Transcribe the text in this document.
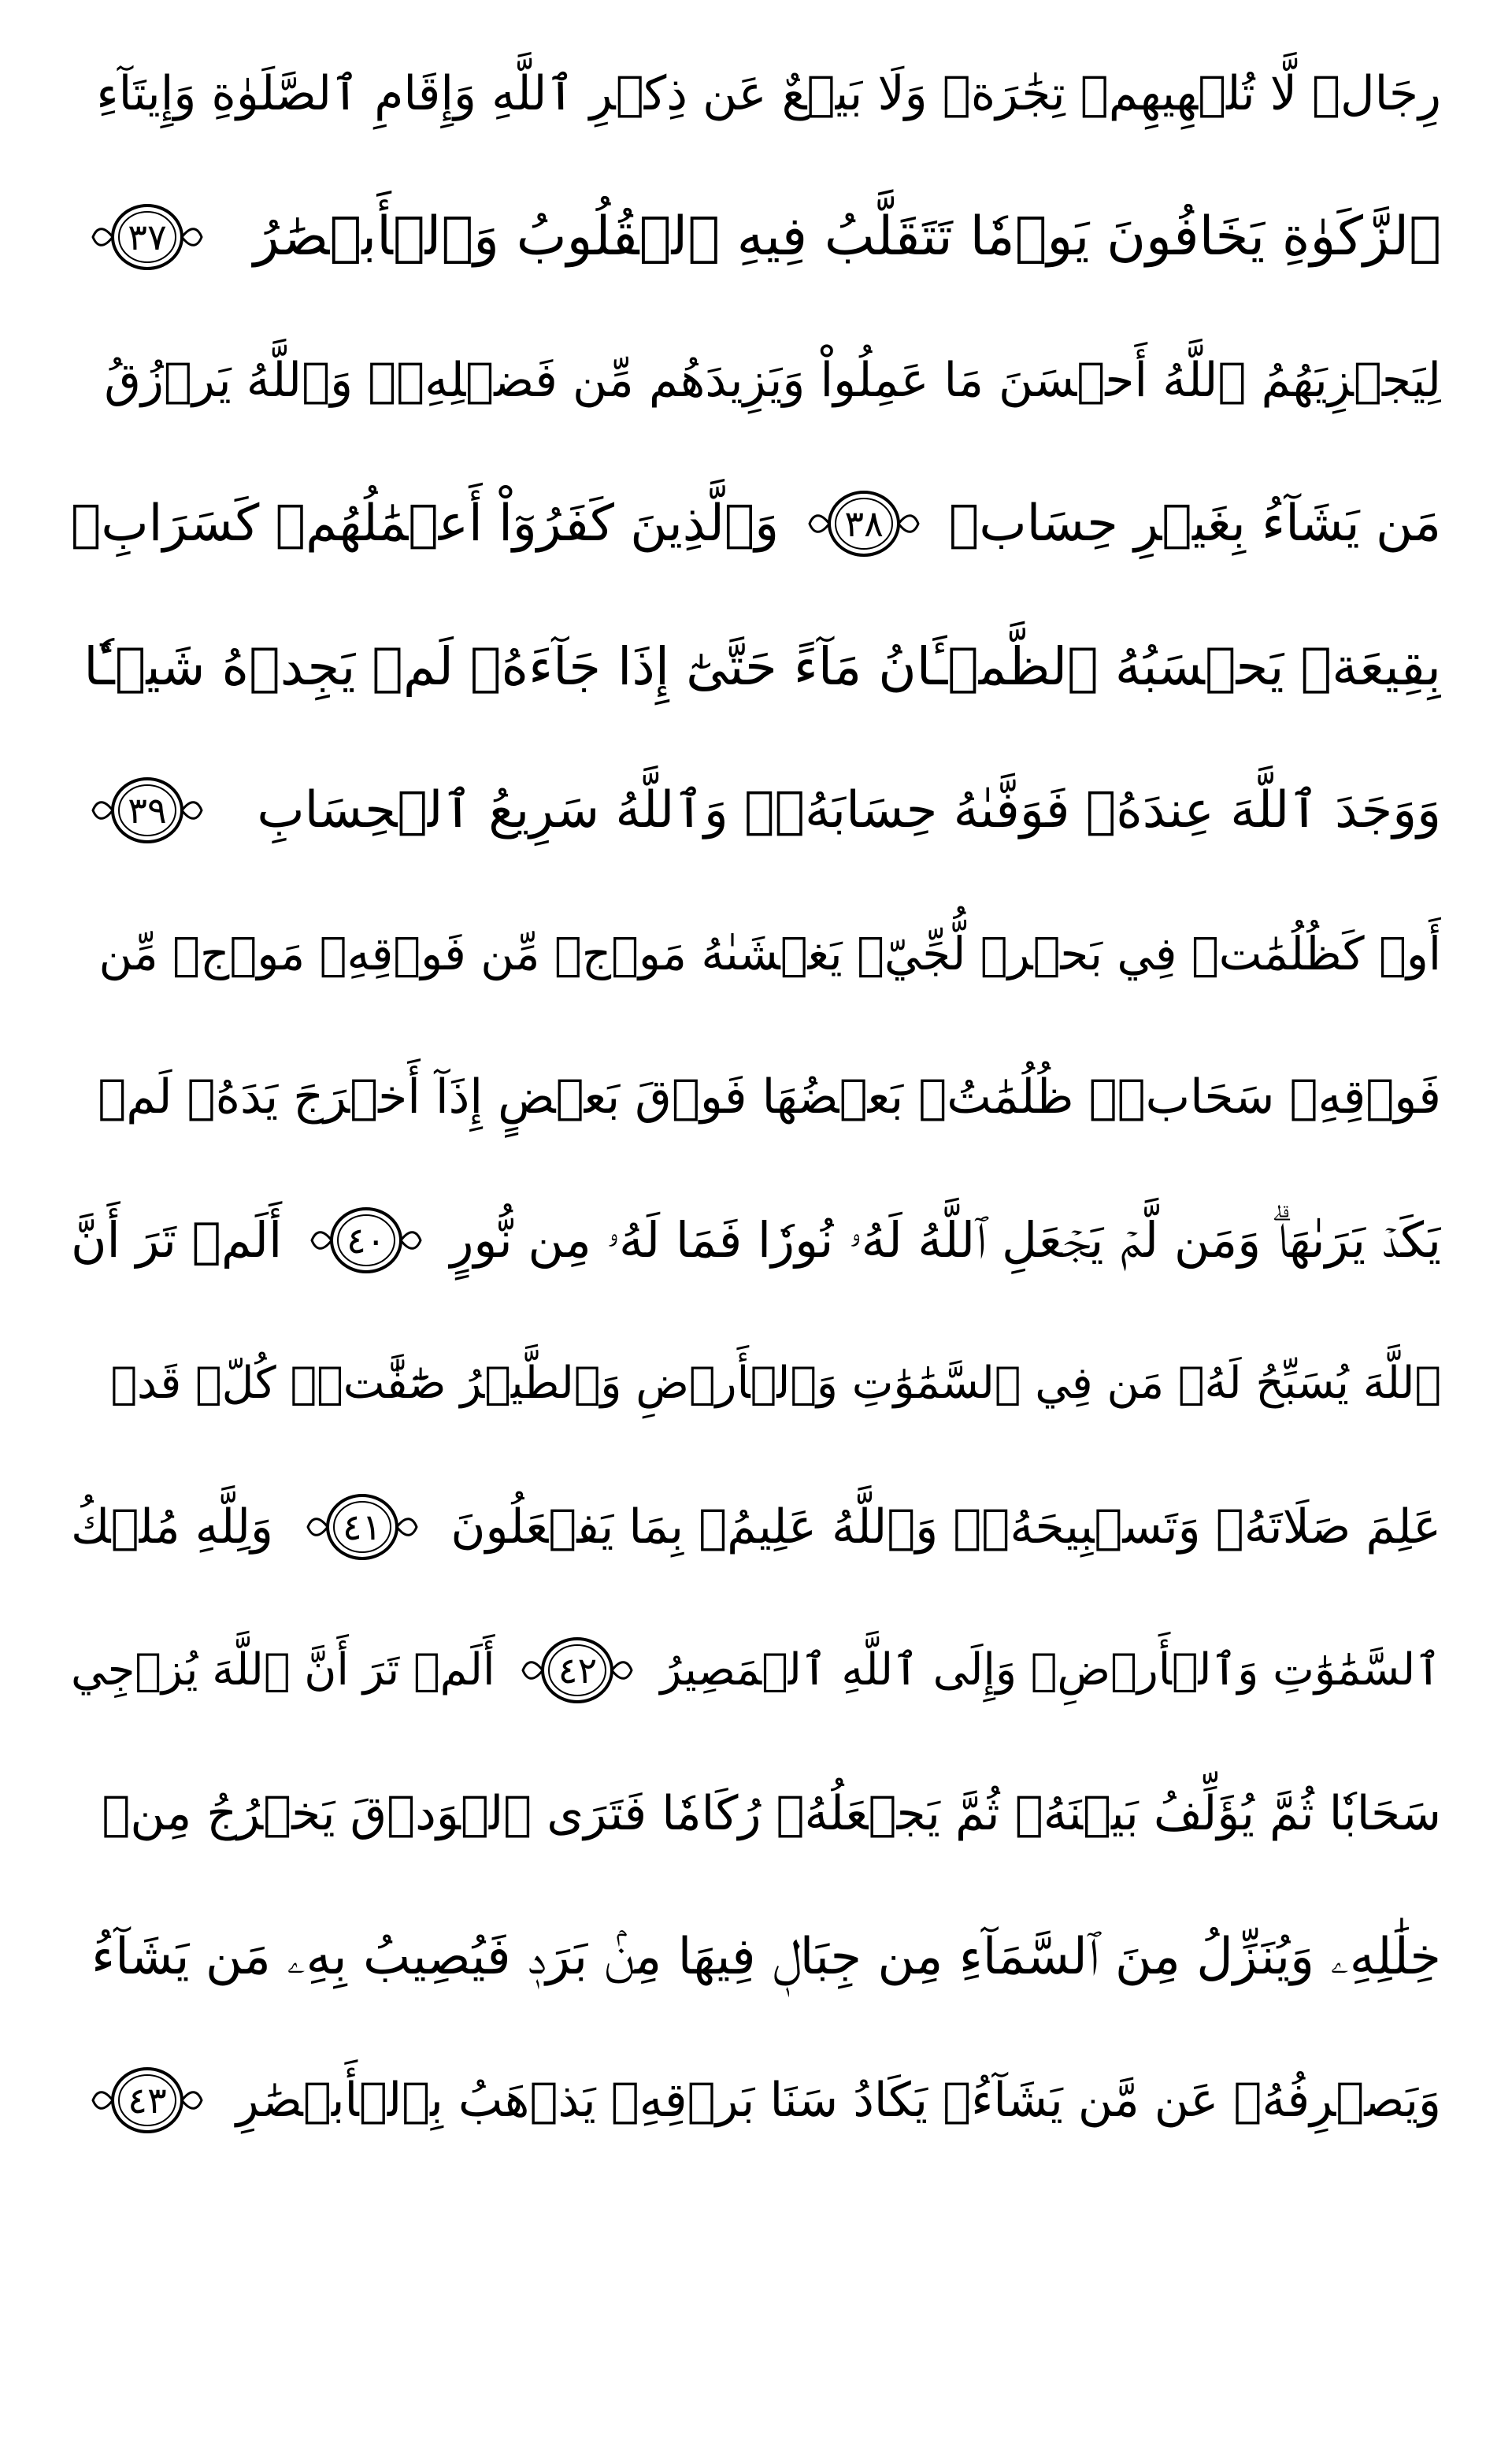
رِجَالٞ لَّا تُلۡهِيهِمۡ تِجَٰرَةٞ وَلَا بَيۡعٌ عَن ذِكۡرِ ٱللَّهِ وَإِقَامِ ٱلصَّلَوٰةِ وَإِيتَآءِ
ٱلزَّكَوٰةِ يَخَافُونَ يَوۡمٗا تَتَقَلَّبُ فِيهِ ٱلۡقُلُوبُ وَٱلۡأَبۡصَٰرُ
٣٧
لِيَجۡزِيَهُمُ ٱللَّهُ أَحۡسَنَ مَا عَمِلُواْ وَيَزِيدَهُم مِّن فَضۡلِهِۦۗ وَٱللَّهُ يَرۡزُقُ
مَن يَشَآءُ بِغَيۡرِ حِسَابٖ
٣٨
وَٱلَّذِينَ كَفَرُوٓاْ أَعۡمَٰلُهُمۡ كَسَرَابِۭ
بِقِيعَةٖ يَحۡسَبُهُ ٱلظَّمۡـَٔانُ مَآءً حَتَّىٰٓ إِذَا جَآءَهُۥ لَمۡ يَجِدۡهُ شَيۡـٔٗا
وَوَجَدَ ٱللَّهَ عِندَهُۥ فَوَفَّىٰهُ حِسَابَهُۥۗ وَٱللَّهُ سَرِيعُ ٱلۡحِسَابِ
٣٩
أَوۡ كَظُلُمَٰتٖ فِي بَحۡرٖ لُّجِّيّٖ يَغۡشَىٰهُ مَوۡجٞ مِّن فَوۡقِهِۦ مَوۡجٞ مِّن
فَوۡقِهِۦ سَحَابٞۚ ظُلُمَٰتُۢ بَعۡضُهَا فَوۡقَ بَعۡضٍ إِذَآ أَخۡرَجَ يَدَهُۥ لَمۡ
يَكَدۡ يَرَىٰهَاۗ وَمَن لَّمۡ يَجۡعَلِ ٱللَّهُ لَهُۥ نُورٗا فَمَا لَهُۥ مِن نُّورٍ
٤٠
أَلَمۡ تَرَ أَنَّ
ٱللَّهَ يُسَبِّحُ لَهُۥ مَن فِي ٱلسَّمَٰوَٰتِ وَٱلۡأَرۡضِ وَٱلطَّيۡرُ صَٰٓفَّٰتٖۖ كُلّٞ قَدۡ
عَلِمَ صَلَاتَهُۥ وَتَسۡبِيحَهُۥۗ وَٱللَّهُ عَلِيمُۢ بِمَا يَفۡعَلُونَ
٤١
وَلِلَّهِ مُلۡكُ
ٱلسَّمَٰوَٰتِ وَٱلۡأَرۡضِۖ وَإِلَى ٱللَّهِ ٱلۡمَصِيرُ
٤٢
أَلَمۡ تَرَ أَنَّ ٱللَّهَ يُزۡجِي
سَحَابٗا ثُمَّ يُؤَلِّفُ بَيۡنَهُۥ ثُمَّ يَجۡعَلُهُۥ رُكَامٗا فَتَرَى ٱلۡوَدۡقَ يَخۡرُجُ مِنۡ
خِلَٰلِهِۦ وَيُنَزِّلُ مِنَ ٱلسَّمَآءِ مِن جِبَالٖ فِيهَا مِنۢ بَرَدٖ فَيُصِيبُ بِهِۦ مَن يَشَآءُ
وَيَصۡرِفُهُۥ عَن مَّن يَشَآءُۖ يَكَادُ سَنَا بَرۡقِهِۦ يَذۡهَبُ بِٱلۡأَبۡصَٰرِ
٤٣
